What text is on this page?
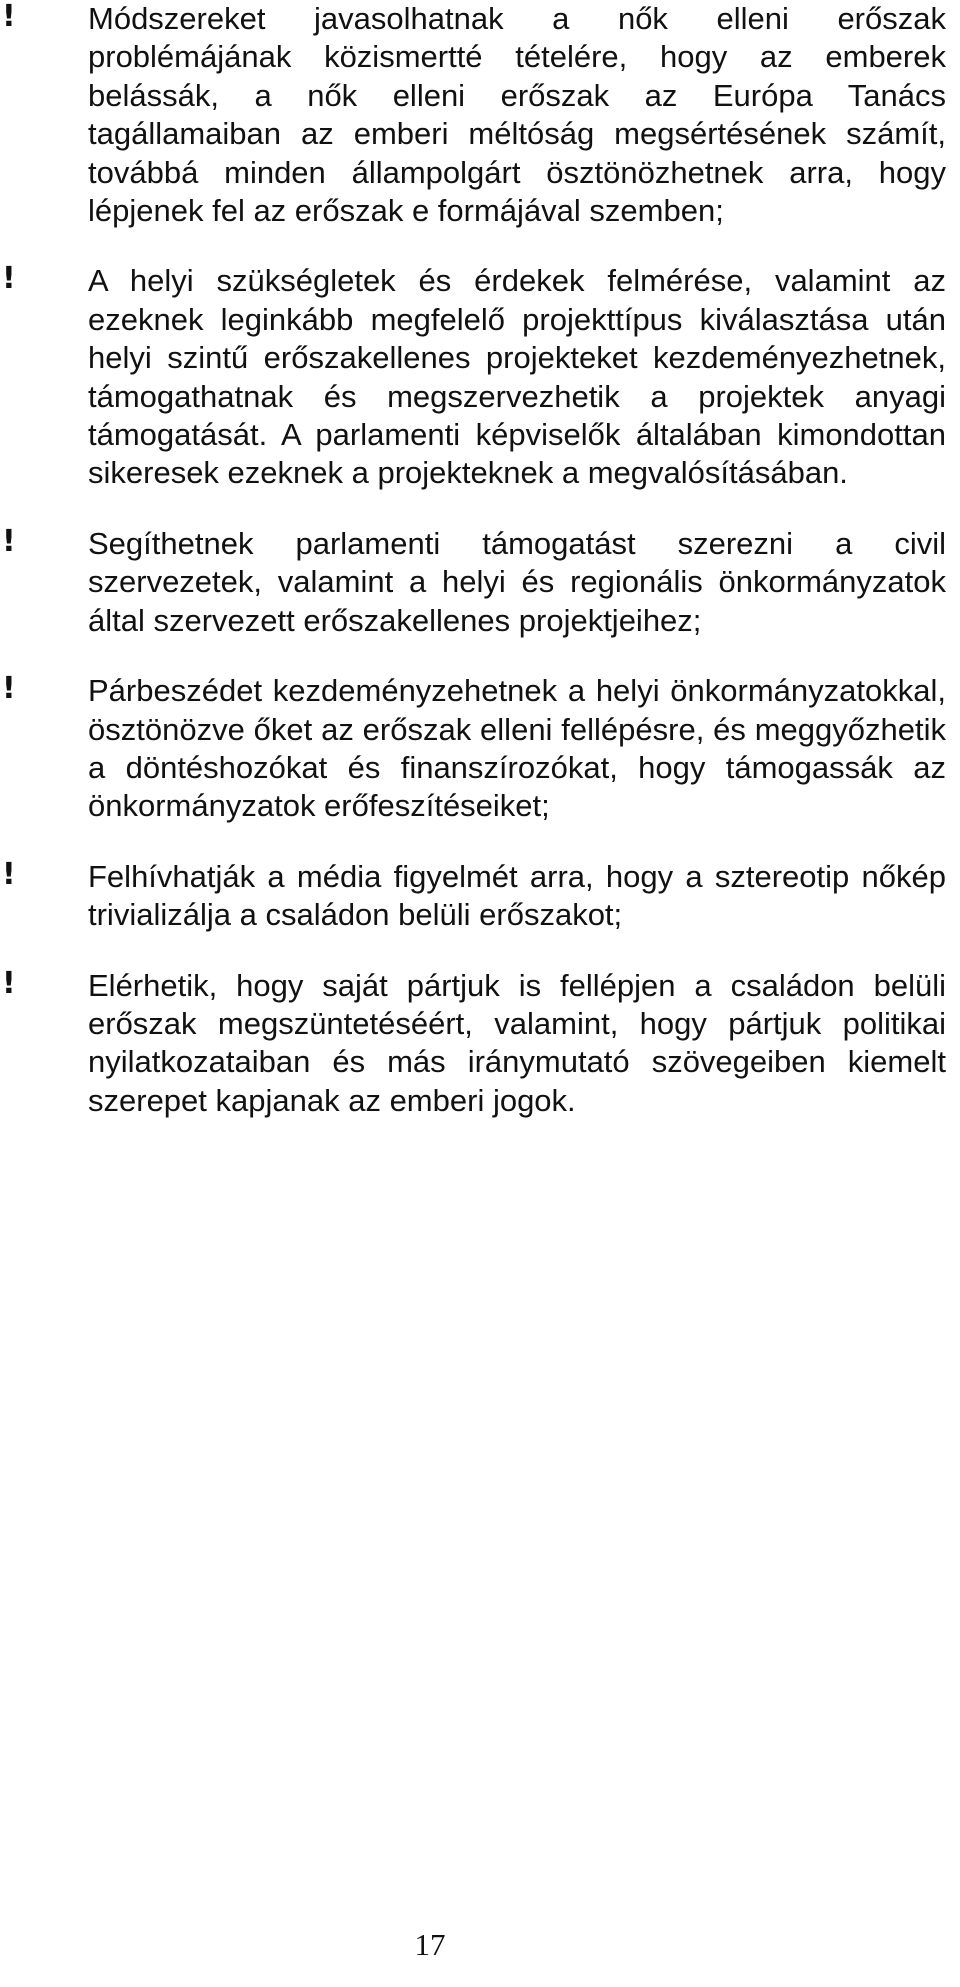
!	Módszereket javasolhatnak a nők elleni erőszak problémájának közismertté tételére, hogy az emberek belássák, a nők elleni erőszak az Európa Tanács tagállamaiban az emberi méltóság megsértésének számít, továbbá minden állampolgárt ösztönözhetnek arra, hogy lépjenek fel az erőszak e formájával szemben;

!	A helyi szükségletek és érdekek felmérése, valamint az ezeknek leginkább megfelelő projekttípus kiválasztása után helyi szintű erőszakellenes projekteket kezdeményezhetnek, támogathatnak és megszervezhetik a projektek anyagi támogatását. A parlamenti képviselők általában kimondottan sikeresek ezeknek a projekteknek a megvalósításában.

!	Segíthetnek parlamenti támogatást szerezni a civil szervezetek, valamint a helyi és regionális önkormányzatok által szervezett erőszakellenes projektjeihez;

!	Párbeszédet kezdeményzehetnek a helyi önkormányzatokkal, ösztönözve őket az erőszak elleni fellépésre, és meggyőzhetik a döntéshozókat és finanszírozókat, hogy támogassák az önkormányzatok erőfeszítéseiket;

!	Felhívhatják a média figyelmét arra, hogy a sztereotip nőkép trivializálja a családon belüli erőszakot;

!	Elérhetik, hogy saját pártjuk is fellépjen a családon belüli erőszak megszüntetéséért, valamint, hogy pártjuk politikai nyilatkozataiban és más iránymutató szövegeiben kiemelt szerepet kapjanak az emberi jogok.

17
